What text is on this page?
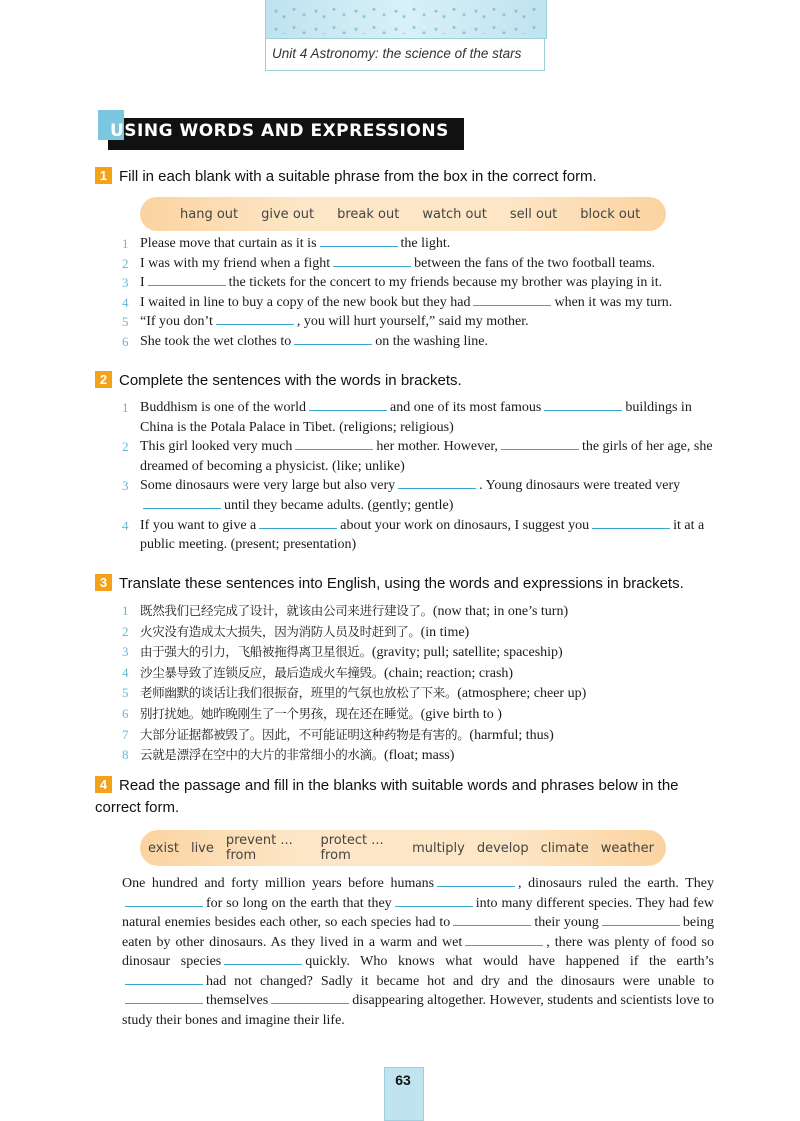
Unit 4 Astronomy: the science of the stars
USING WORDS AND EXPRESSIONS
1 Fill in each blank with a suitable phrase from the box in the correct form.
hang out give out break out watch out sell out block out

1 Please move that curtain as it is	the light.

2 I was with my friend when a fight	between the fans of the two football teams.

3 I	the tickets for the concert to my friends because my brother was playing in it.

4 I waited in line to buy a copy of the new book but they had	when it was my turn.

5 “If you don’t	, you will hurt yourself,” said my mother.

6 She took the wet clothes to	on the washing line.

2 Complete the sentences with the words in brackets.

1 Buddhism is one of the world	and one of its most famous	buildings in China is the Potala Palace in Tibet. (religions; religious)

2 This girl looked very much	her mother. However,	the girls of her age, she dreamed of becoming a physicist. (like; unlike)

3 Some dinosaurs were very large but also very	. Young dinosaurs were treated veryuntil they became adults. (gently; gentle)

4 If you want to give a	about your work on dinosaurs, I suggest you	it at a public meeting. (present; presentation)

3 Translate these sentences into English, using the words and expressions in brackets.

1 既然我们已经完成了设计，就该由公司来进行建设了。(now that; in one’s turn)

2 火灾没有造成太大损失，因为消防人员及时赶到了。(in time)

3 由于强大的引力，飞船被拖得离卫星很近。(gravity; pull; satellite; spaceship)

4 沙尘暴导致了连锁反应，最后造成火车撞毁。(chain; reaction; crash)

5 老师幽默的谈话让我们很振奋，班里的气氛也放松了下来。(atmosphere; cheer up)

6 别打扰她。她昨晚刚生了一个男孩，现在还在睡觉。(give birth to )

7 大部分证据都被毁了。因此，不可能证明这种药物是有害的。(harmful; thus)

8 云就是漂浮在空中的大片的非常细小的水滴。(float; mass)

4 Read the passage and fill in the blanks with suitable words and phrases below in the correct form.
exist live prevent ... from
protect ... from	multiply develop climate weather
One hundred and forty million years before humans	, dinosaurs ruled the earth. Theyfor so long on the earth that they	into many different species. They had few natural enemies besides each other, so each species had to	their young	being eaten by other dinosaurs. As they lived in a warm and wet	, there was plenty of food so dinosaur species	quickly. Who knows what would have happened if the earth’shad not changed? Sadly it became hot and dry and the dinosaurs were unable tothemselves	disappearing altogether. However, students and scientists love to study their bones and imagine their life.
63
